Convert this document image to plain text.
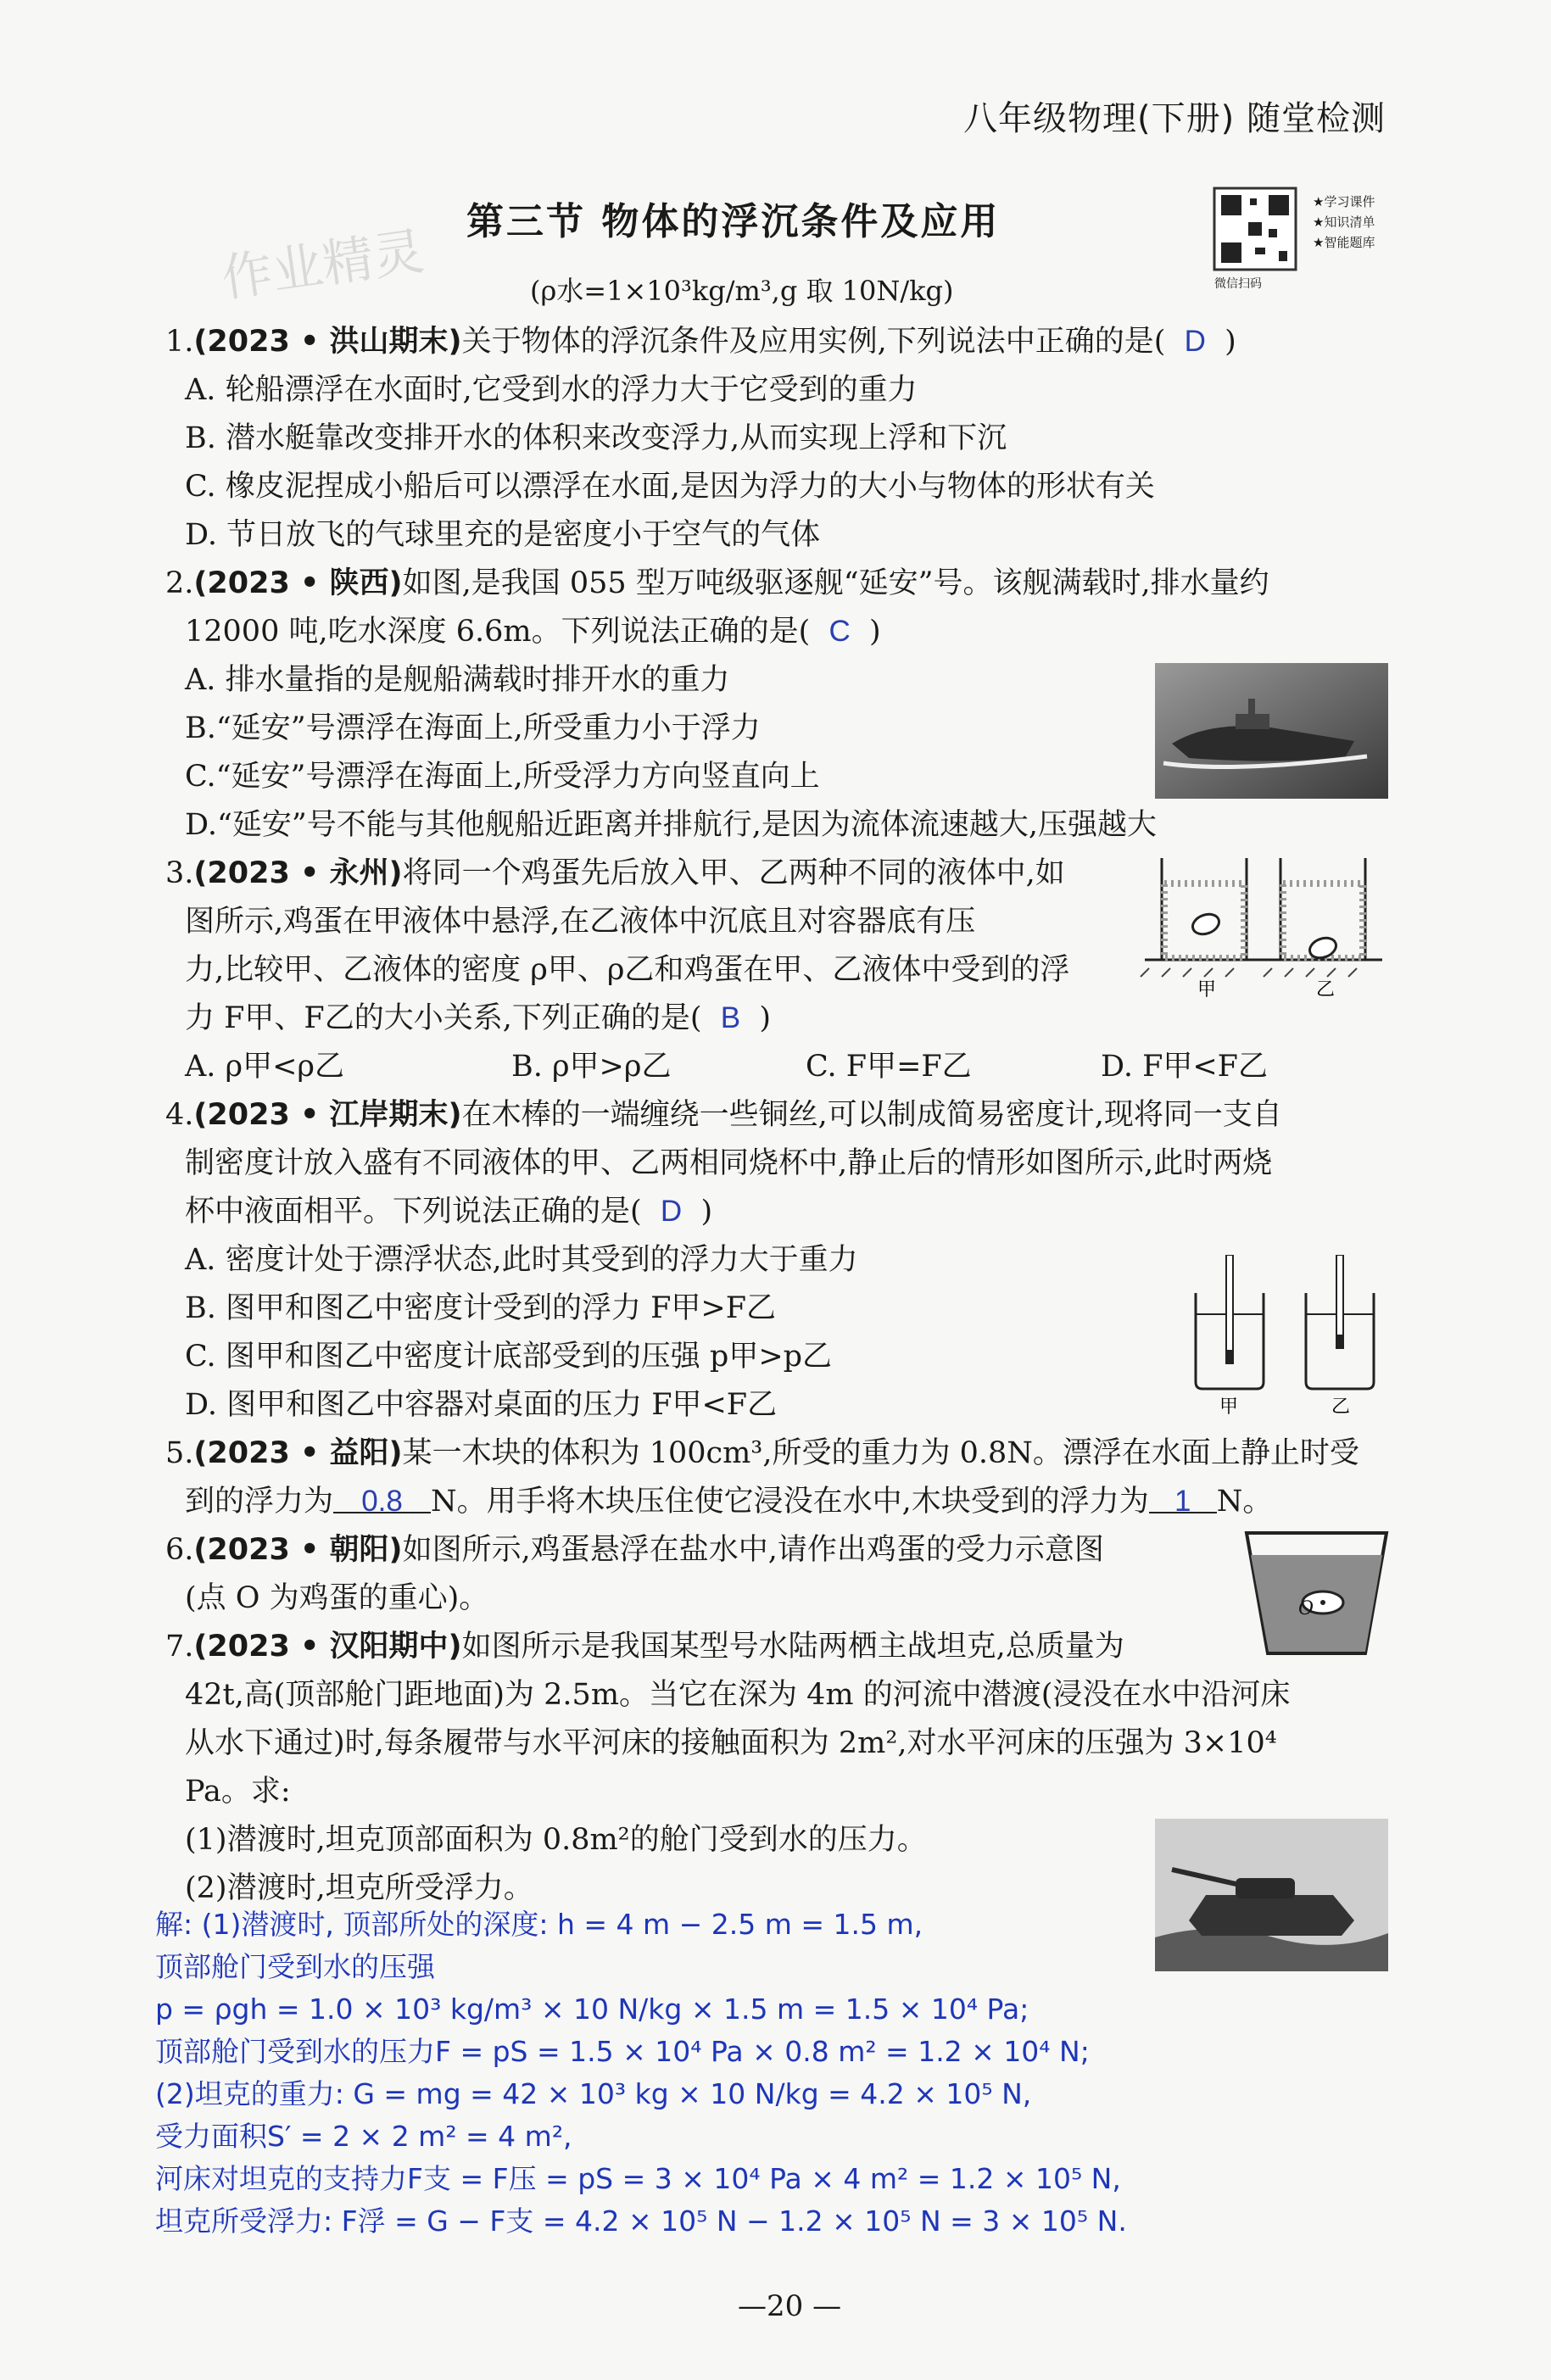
八年级物理(下册) 随堂检测
作业精灵
第三节 物体的浮沉条件及应用
(ρ水=1×10³kg/m³,g 取 10N/kg)
★学习课件
★知识清单
★智能题库
微信扫码
1.(2023 • 洪山期末)关于物体的浮沉条件及应用实例,下列说法中正确的是( D )
A. 轮船漂浮在水面时,它受到水的浮力大于它受到的重力
B. 潜水艇靠改变排开水的体积来改变浮力,从而实现上浮和下沉
C. 橡皮泥捏成小船后可以漂浮在水面,是因为浮力的大小与物体的形状有关
D. 节日放飞的气球里充的是密度小于空气的气体
2.(2023 • 陕西)如图,是我国 055 型万吨级驱逐舰“延安”号。该舰满载时,排水量约
12000 吨,吃水深度 6.6m。下列说法正确的是( C )
A. 排水量指的是舰船满载时排开水的重力
B.“延安”号漂浮在海面上,所受重力小于浮力
C.“延安”号漂浮在海面上,所受浮力方向竖直向上
D.“延安”号不能与其他舰船近距离并排航行,是因为流体流速越大,压强越大
3.(2023 • 永州)将同一个鸡蛋先后放入甲、乙两种不同的液体中,如
图所示,鸡蛋在甲液体中悬浮,在乙液体中沉底且对容器底有压
力,比较甲、乙液体的密度 ρ甲、ρ乙和鸡蛋在甲、乙液体中受到的浮
力 F甲、F乙的大小关系,下列正确的是( B )
A. ρ甲<ρ乙	B. ρ甲>ρ乙	C. F甲=F乙	D. F甲<F乙
甲	乙
4.(2023 • 江岸期末)在木棒的一端缠绕一些铜丝,可以制成简易密度计,现将同一支自
制密度计放入盛有不同液体的甲、乙两相同烧杯中,静止后的情形如图所示,此时两烧
杯中液面相平。下列说法正确的是( D )
A. 密度计处于漂浮状态,此时其受到的浮力大于重力
B. 图甲和图乙中密度计受到的浮力 F甲>F乙
C. 图甲和图乙中密度计底部受到的压强 p甲>p乙
D. 图甲和图乙中容器对桌面的压力 F甲<F乙	甲	乙
5.(2023 • 益阳)某一木块的体积为 100cm³,所受的重力为 0.8N。漂浮在水面上静止时受
到的浮力为 0.8 N。用手将木块压住使它浸没在水中,木块受到的浮力为 1 N。
6.(2023 • 朝阳)如图所示,鸡蛋悬浮在盐水中,请作出鸡蛋的受力示意图
(点 O 为鸡蛋的重心)。	O
7.(2023 • 汉阳期中)如图所示是我国某型号水陆两栖主战坦克,总质量为
42t,高(顶部舱门距地面)为 2.5m。当它在深为 4m 的河流中潜渡(浸没在水中沿河床
从水下通过)时,每条履带与水平河床的接触面积为 2m²,对水平河床的压强为 3×10⁴
Pa。求:
(1)潜渡时,坦克顶部面积为 0.8m²的舱门受到水的压力。
(2)潜渡时,坦克所受浮力。
解: (1)潜渡时, 顶部所处的深度: h = 4 m − 2.5 m = 1.5 m,
顶部舱门受到水的压强
p = ρgh = 1.0 × 10³ kg/m³ × 10 N/kg × 1.5 m = 1.5 × 10⁴ Pa;
顶部舱门受到水的压力F = pS = 1.5 × 10⁴ Pa × 0.8 m² = 1.2 × 10⁴ N;
(2)坦克的重力: G = mg = 42 × 10³ kg × 10 N/kg = 4.2 × 10⁵ N,
受力面积S′ = 2 × 2 m² = 4 m²,
河床对坦克的支持力F支 = F压 = pS = 3 × 10⁴ Pa × 4 m² = 1.2 × 10⁵ N,
坦克所受浮力: F浮 = G − F支 = 4.2 × 10⁵ N − 1.2 × 10⁵ N = 3 × 10⁵ N.
—20 —
